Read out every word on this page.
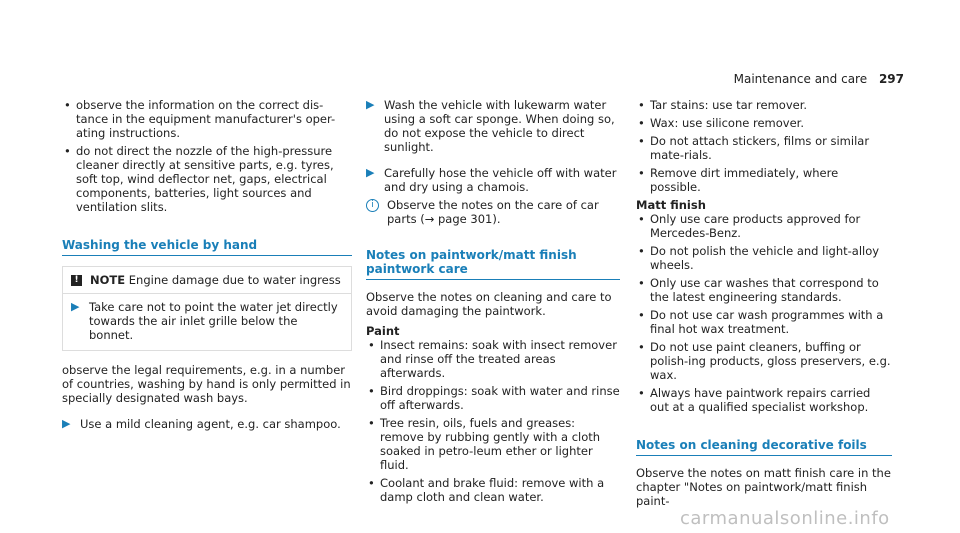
Maintenance and care 297
• observe the information on the correct dis-tance in the equipment manufacturer's oper-ating instructions.
• do not direct the nozzle of the high-pressure cleaner directly at sensitive parts, e.g. tyres, soft top, wind deflector net, gaps, electrical components, batteries, light sources and ventilation slits.
Washing the vehicle by hand
! NOTE Engine damage due to water ingress
▶ Take care not to point the water jet directly towards the air inlet grille below the bonnet.

observe the legal requirements, e.g. in a number of countries, washing by hand is only permitted in specially designated wash bays.

▶ Use a mild cleaning agent, e.g. car shampoo.
▶ Wash the vehicle with lukewarm water using a soft car sponge. When doing so, do not expose the vehicle to direct sunlight.
▶ Carefully hose the vehicle off with water and dry using a chamois.
i	Observe the notes on the care of car parts (→ page 301).
Notes on paintwork/matt finish paintwork care

Observe the notes on cleaning and care to avoid damaging the paintwork.

Paint
• Insect remains: soak with insect remover and rinse off the treated areas afterwards.
• Bird droppings: soak with water and rinse off afterwards.
• Tree resin, oils, fuels and greases: remove by rubbing gently with a cloth soaked in petro-leum ether or lighter fluid.
• Coolant and brake fluid: remove with a damp cloth and clean water.
• Tar stains: use tar remover.
• Wax: use silicone remover.
• Do not attach stickers, films or similar mate-rials.
• Remove dirt immediately, where possible.
Matt finish
• Only use care products approved for Mercedes-Benz.
• Do not polish the vehicle and light-alloy wheels.
• Only use car washes that correspond to the latest engineering standards.
• Do not use car wash programmes with a final hot wax treatment.
• Do not use paint cleaners, buffing or polish-ing products, gloss preservers, e.g. wax.
• Always have paintwork repairs carried out at a qualified specialist workshop.
Notes on cleaning decorative foils

Observe the notes on matt finish care in the chapter "Notes on paintwork/matt finish paint-

carmanualsonline.info
